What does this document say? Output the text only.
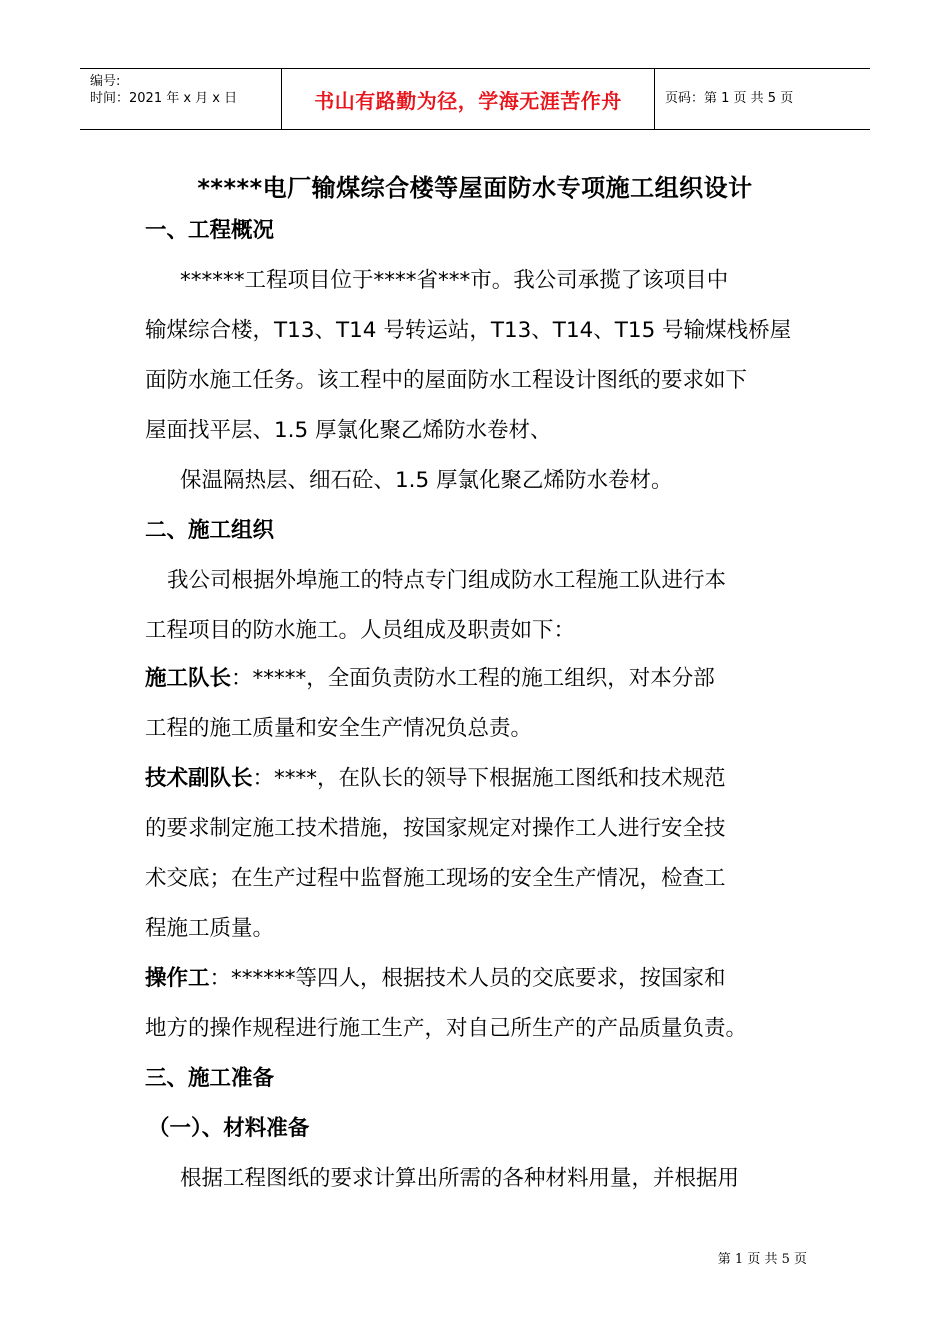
编号:
时间：2021 年 x 月 x 日	书山有路勤为径，学海无涯苦作舟	页码：第 1 页 共 5 页
*****电厂输煤综合楼等屋面防水专项施工组织设计
一、工程概况
******工程项目位于****省***市。我公司承揽了该项目中
输煤综合楼，T13、T14 号转运站，T13、T14、T15 号输煤栈桥屋
面防水施工任务。该工程中的屋面防水工程设计图纸的要求如下
屋面找平层、1.5 厚氯化聚乙烯防水卷材、
保温隔热层、细石砼、1.5 厚氯化聚乙烯防水卷材。
二、施工组织
我公司根据外埠施工的特点专门组成防水工程施工队进行本
工程项目的防水施工。人员组成及职责如下：
施工队长：*****，全面负责防水工程的施工组织，对本分部
工程的施工质量和安全生产情况负总责。
技术副队长：****，在队长的领导下根据施工图纸和技术规范
的要求制定施工技术措施，按国家规定对操作工人进行安全技
术交底；在生产过程中监督施工现场的安全生产情况，检查工
程施工质量。
操作工：******等四人，根据技术人员的交底要求，按国家和
地方的操作规程进行施工生产，对自己所生产的产品质量负责。
三、施工准备
（一）、材料准备
根据工程图纸的要求计算出所需的各种材料用量，并根据用
第 1 页 共 5 页
